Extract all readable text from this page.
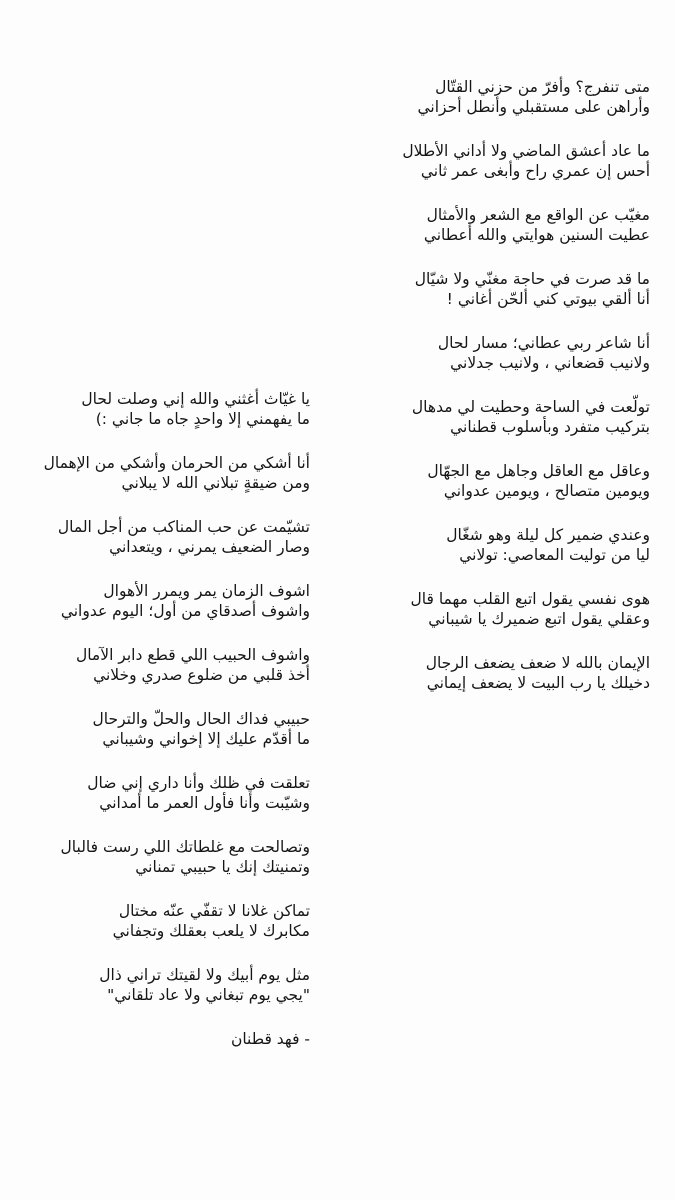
متى تنفرج؟ وأفرّ من حزني القتّال
وأراهن على مستقبلي وأنطل أحزاني

ما عاد أعشق الماضي ولا أداني الأطلال
أحس إن عمري راح وأبغى عمر ثاني

مغيّب عن الواقع مع الشعر والأمثال
عطيت السنين هوايتي والله أعطاني

ما قد صرت في حاجة مغنّي ولا شيّال
أنا ألقي بيوتي كني ألحّن أغاني !

أنا شاعر ربي عطاني؛ مسار لحال
ولانيب قضعاني ، ولانيب جدلاني

تولّعت في الساحة وحطيت لي مدهال
بتركيب متفرد وبأسلوب قطناني

وعاقل مع العاقل وجاهل مع الجهّال
ويومين متصالح ، ويومين عدواني

وعندي ضمير كل ليلة وهو شغّال
ليا من توليت المعاصي: تولاني

هوى نفسي يقول اتبع القلب مهما قال
وعقلي يقول اتبع ضميرك يا شيباني

الإيمان بالله لا ضعف يضعف الرجال
دخيلك يا رب البيت لا يضعف إيماني

يا غيّاث أغثني والله إني وصلت لحال
ما يفهمني إلا واحدٍ جاه ما جاني :)

أنا أشكي من الحرمان وأشكي من الإهمال
ومن ضيقةٍ تبلاني الله لا يبلاني

تشيّمت عن حب المناكب من أجل المال
وصار الضعيف يمرني ، ويتعداني

اشوف الزمان يمر ويمرر الأهوال
واشوف أصدقاي من أول؛ اليوم عدواني

واشوف الحبيب اللي قطع دابر الآمال
أخذ قلبي من ضلوع صدري وخلاني

حبيبي فداك الحال والحلّ والترحال
ما أقدّم عليك إلا إخواني وشيباني

تعلقت في ظلك وأنا داري إني ضال
وشيّبت وأنا فأول العمر ما أمداني

وتصالحت مع غلطاتك اللي رست فالبال
وتمنيتك إنك يا حبيبي تمناني

تماكن غلانا لا تقفّي عنّه مختال
مكابرك لا يلعب بعقلك وتجفاني

مثل يوم أبيك ولا لقيتك تراني ذال
"يجي يوم تبغاني ولا عاد تلقاني"

- فهد قطنان
